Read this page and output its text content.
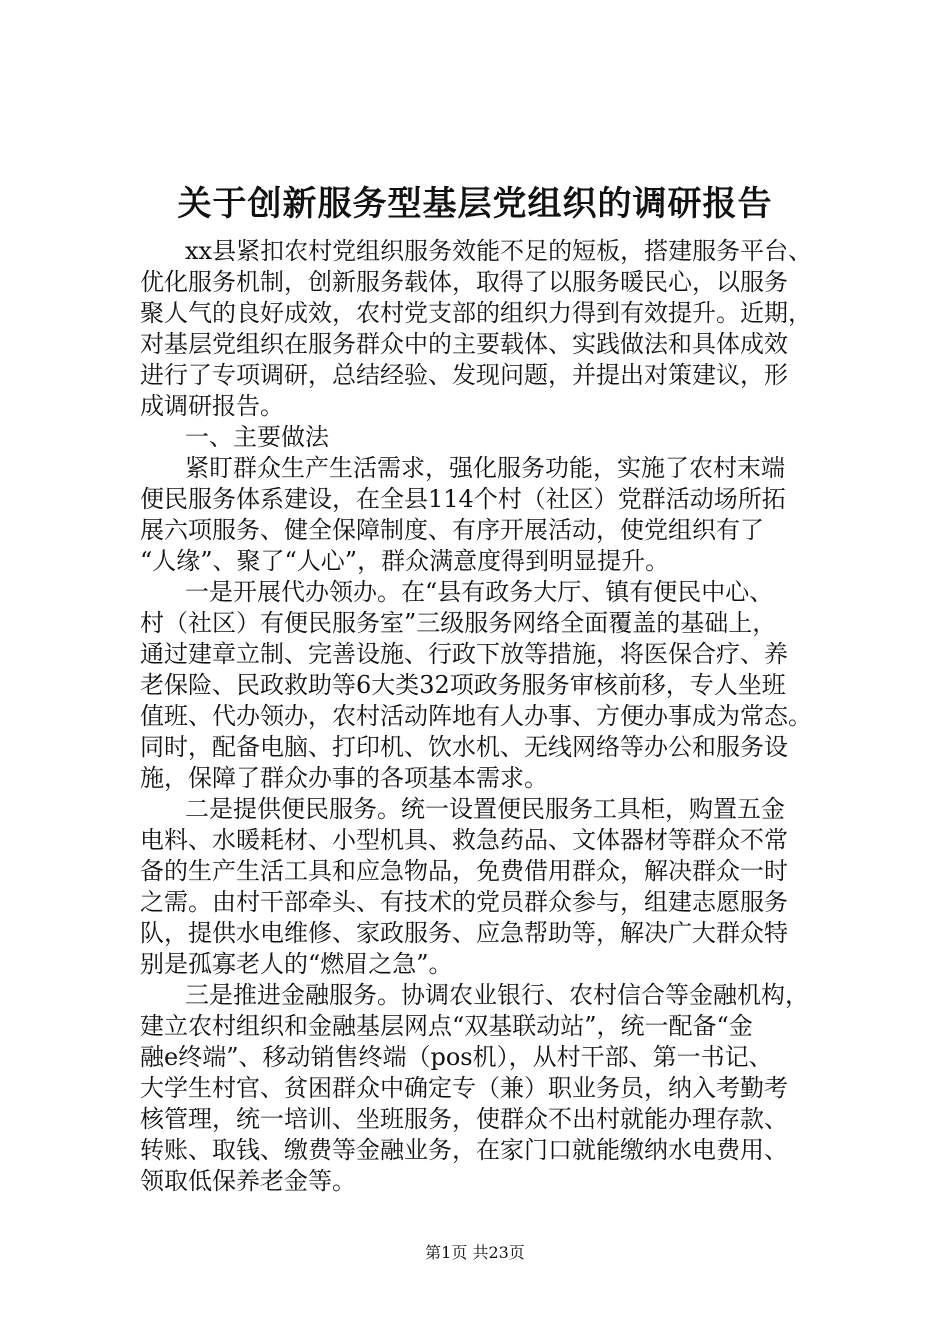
关于创新服务型基层党组织的调研报告
xx县紧扣农村党组织服务效能不足的短板，搭建服务平台、
优化服务机制，创新服务载体，取得了以服务暖民心，以服务
聚人气的良好成效，农村党支部的组织力得到有效提升。近期，
对基层党组织在服务群众中的主要载体、实践做法和具体成效
进行了专项调研，总结经验、发现问题，并提出对策建议，形
成调研报告。
一、主要做法
紧盯群众生产生活需求，强化服务功能，实施了农村末端
便民服务体系建设，在全县114个村（社区）党群活动场所拓
展六项服务、健全保障制度、有序开展活动，使党组织有了
“人缘”、聚了“人心”，群众满意度得到明显提升。
一是开展代办领办。在“县有政务大厅、镇有便民中心、
村（社区）有便民服务室”三级服务网络全面覆盖的基础上，
通过建章立制、完善设施、行政下放等措施，将医保合疗、养
老保险、民政救助等6大类32项政务服务审核前移，专人坐班
值班、代办领办，农村活动阵地有人办事、方便办事成为常态。
同时，配备电脑、打印机、饮水机、无线网络等办公和服务设
施，保障了群众办事的各项基本需求。
二是提供便民服务。统一设置便民服务工具柜，购置五金
电料、水暖耗材、小型机具、救急药品、文体器材等群众不常
备的生产生活工具和应急物品，免费借用群众，解决群众一时
之需。由村干部牵头、有技术的党员群众参与，组建志愿服务
队，提供水电维修、家政服务、应急帮助等，解决广大群众特
别是孤寡老人的“燃眉之急”。
三是推进金融服务。协调农业银行、农村信合等金融机构，
建立农村组织和金融基层网点“双基联动站”，统一配备“金
融e终端”、移动销售终端（pos机），从村干部、第一书记、
大学生村官、贫困群众中确定专（兼）职业务员，纳入考勤考
核管理，统一培训、坐班服务，使群众不出村就能办理存款、
转账、取钱、缴费等金融业务，在家门口就能缴纳水电费用、
领取低保养老金等。
第1页 共23页
